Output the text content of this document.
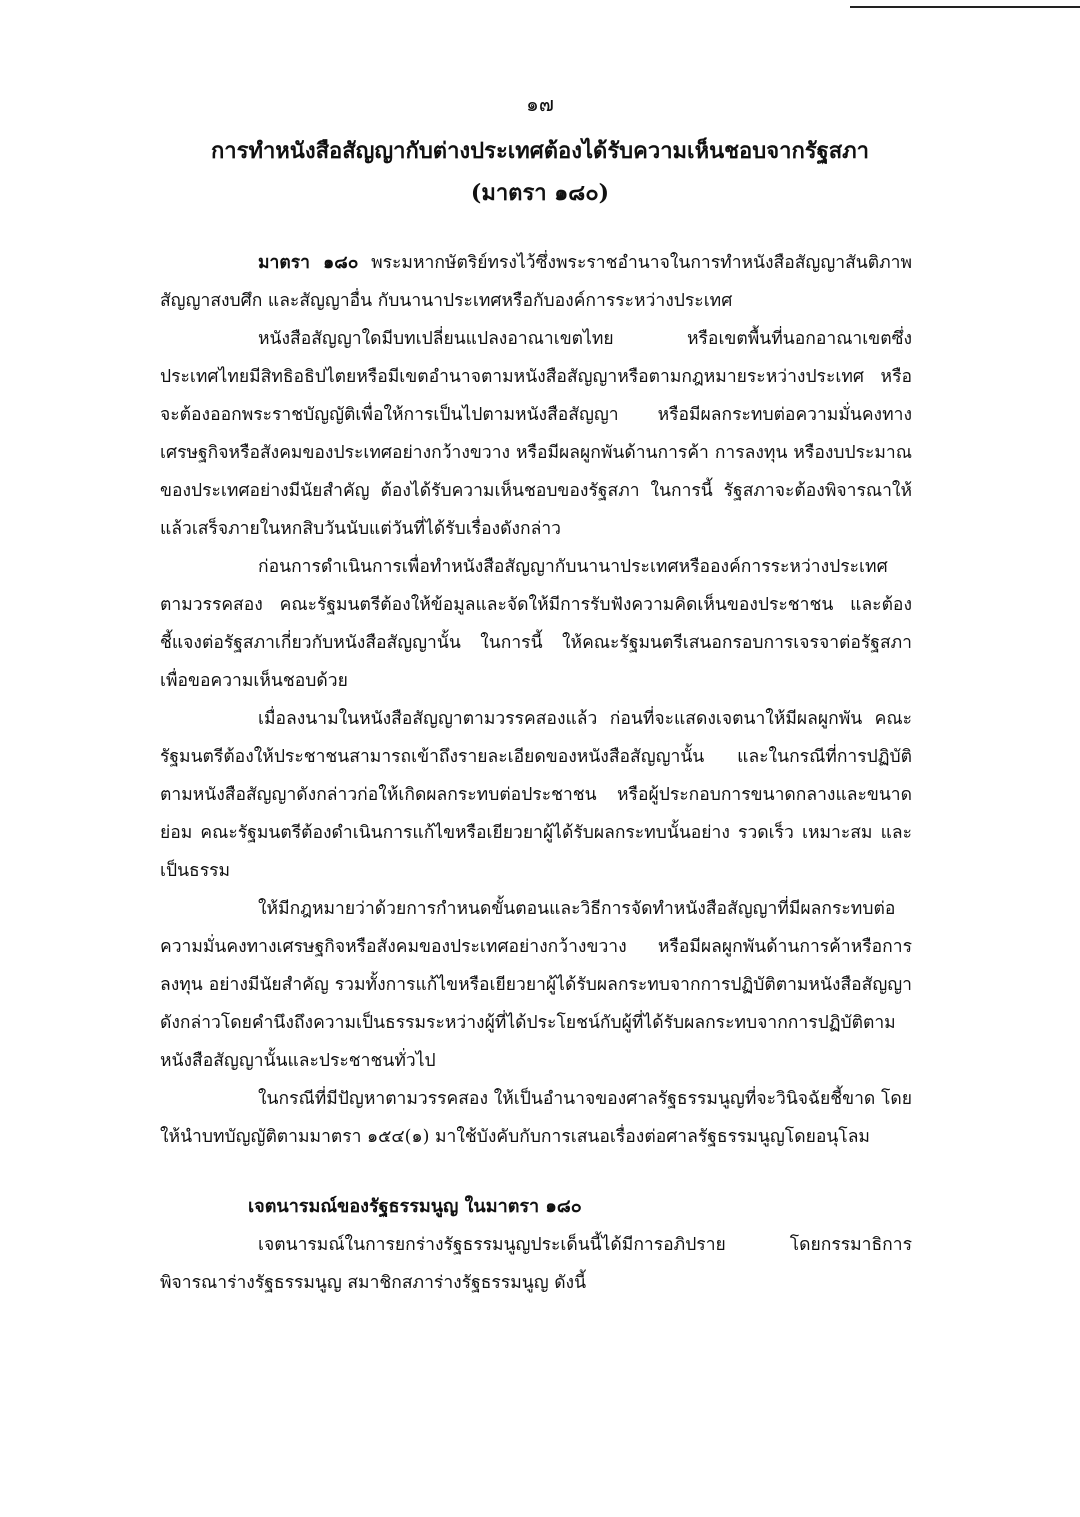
๑๗
การทำหนังสือสัญญากับต่างประเทศต้องได้รับความเห็นชอบจากรัฐสภา
(มาตรา ๑๘๐)

มาตรา ๑๘๐ พระมหากษัตริย์ทรงไว้ซึ่งพระราชอำนาจในการทำหนังสือสัญญาสันติภาพ สัญญาสงบศึก และสัญญาอื่น กับนานาประเทศหรือกับองค์การระหว่างประเทศ

หนังสือสัญญาใดมีบทเปลี่ยนแปลงอาณาเขตไทย หรือเขตพื้นที่นอกอาณาเขตซึ่งประเทศไทยมีสิทธิอธิปไตยหรือมีเขตอำนาจตามหนังสือสัญญาหรือตามกฎหมายระหว่างประเทศ หรือจะต้องออกพระราชบัญญัติเพื่อให้การเป็นไปตามหนังสือสัญญา หรือมีผลกระทบต่อความมั่นคงทางเศรษฐกิจหรือสังคมของประเทศอย่างกว้างขวาง หรือมีผลผูกพันด้านการค้า การลงทุน หรืองบประมาณของประเทศอย่างมีนัยสำคัญ ต้องได้รับความเห็นชอบของรัฐสภา ในการนี้ รัฐสภาจะต้องพิจารณาให้แล้วเสร็จภายในหกสิบวันนับแต่วันที่ได้รับเรื่องดังกล่าว

ก่อนการดำเนินการเพื่อทำหนังสือสัญญากับนานาประเทศหรือองค์การระหว่างประเทศตามวรรคสอง คณะรัฐมนตรีต้องให้ข้อมูลและจัดให้มีการรับฟังความคิดเห็นของประชาชน และต้องชี้แจงต่อรัฐสภาเกี่ยวกับหนังสือสัญญานั้น ในการนี้ ให้คณะรัฐมนตรีเสนอกรอบการเจรจาต่อรัฐสภาเพื่อขอความเห็นชอบด้วย

เมื่อลงนามในหนังสือสัญญาตามวรรคสองแล้ว ก่อนที่จะแสดงเจตนาให้มีผลผูกพัน คณะรัฐมนตรีต้องให้ประชาชนสามารถเข้าถึงรายละเอียดของหนังสือสัญญานั้น และในกรณีที่การปฏิบัติตามหนังสือสัญญาดังกล่าวก่อให้เกิดผลกระทบต่อประชาชน หรือผู้ประกอบการขนาดกลางและขนาดย่อม คณะรัฐมนตรีต้องดำเนินการแก้ไขหรือเยียวยาผู้ได้รับผลกระทบนั้นอย่าง รวดเร็ว เหมาะสม และเป็นธรรม

ให้มีกฎหมายว่าด้วยการกำหนดขั้นตอนและวิธีการจัดทำหนังสือสัญญาที่มีผลกระทบต่อความมั่นคงทางเศรษฐกิจหรือสังคมของประเทศอย่างกว้างขวาง หรือมีผลผูกพันด้านการค้าหรือการลงทุน อย่างมีนัยสำคัญ รวมทั้งการแก้ไขหรือเยียวยาผู้ได้รับผลกระทบจากการปฏิบัติตามหนังสือสัญญาดังกล่าวโดยคำนึงถึงความเป็นธรรมระหว่างผู้ที่ได้ประโยชน์กับผู้ที่ได้รับผลกระทบจากการปฏิบัติตามหนังสือสัญญานั้นและประชาชนทั่วไป

ในกรณีที่มีปัญหาตามวรรคสอง ให้เป็นอำนาจของศาลรัฐธรรมนูญที่จะวินิจฉัยชี้ขาด โดยให้นำบทบัญญัติตามมาตรา ๑๕๔(๑) มาใช้บังคับกับการเสนอเรื่องต่อศาลรัฐธรรมนูญโดยอนุโลม

เจตนารมณ์ของรัฐธรรมนูญ ในมาตรา ๑๘๐

เจตนารมณ์ในการยกร่างรัฐธรรมนูญประเด็นนี้ได้มีการอภิปราย โดยกรรมาธิการพิจารณาร่างรัฐธรรมนูญ สมาชิกสภาร่างรัฐธรรมนูญ ดังนี้
